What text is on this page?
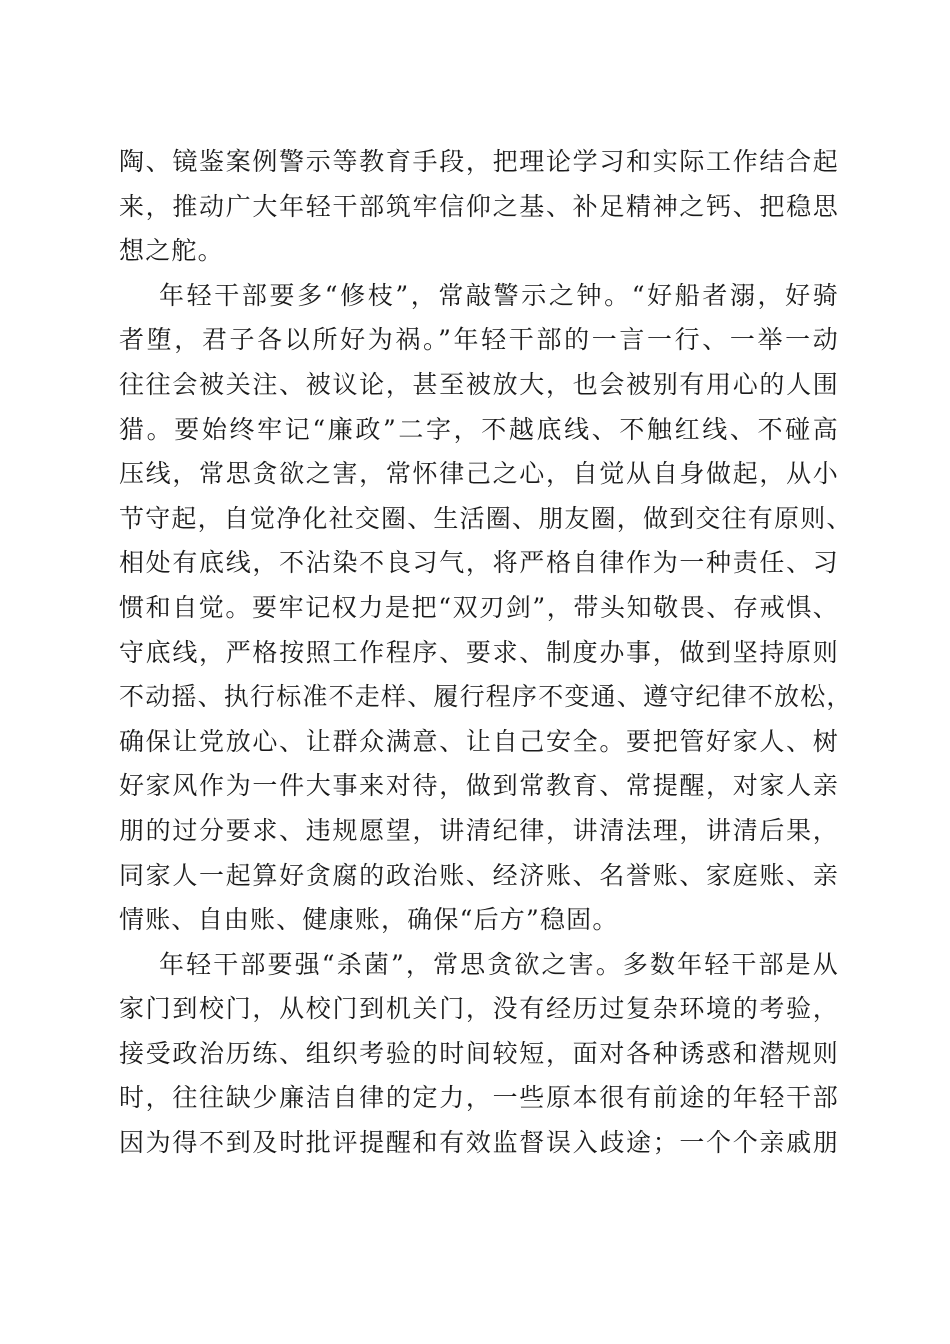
陶、镜鉴案例警示等教育手段，把理论学习和实际工作结合起
来，推动广大年轻干部筑牢信仰之基、补足精神之钙、把稳思
想之舵。
年轻干部要多“修枝”，常敲警示之钟。“好船者溺，好骑
者堕，君子各以所好为祸。”年轻干部的一言一行、一举一动
往往会被关注、被议论，甚至被放大，也会被别有用心的人围
猎。要始终牢记“廉政”二字，不越底线、不触红线、不碰高
压线，常思贪欲之害，常怀律己之心，自觉从自身做起，从小
节守起，自觉净化社交圈、生活圈、朋友圈，做到交往有原则、
相处有底线，不沾染不良习气，将严格自律作为一种责任、习
惯和自觉。要牢记权力是把“双刃剑”，带头知敬畏、存戒惧、
守底线，严格按照工作程序、要求、制度办事，做到坚持原则
不动摇、执行标准不走样、履行程序不变通、遵守纪律不放松，
确保让党放心、让群众满意、让自己安全。要把管好家人、树
好家风作为一件大事来对待，做到常教育、常提醒，对家人亲
朋的过分要求、违规愿望，讲清纪律，讲清法理，讲清后果，
同家人一起算好贪腐的政治账、经济账、名誉账、家庭账、亲
情账、自由账、健康账，确保“后方”稳固。
年轻干部要强“杀菌”，常思贪欲之害。多数年轻干部是从
家门到校门，从校门到机关门，没有经历过复杂环境的考验，
接受政治历练、组织考验的时间较短，面对各种诱惑和潜规则
时，往往缺少廉洁自律的定力，一些原本很有前途的年轻干部
因为得不到及时批评提醒和有效监督误入歧途；一个个亲戚朋
